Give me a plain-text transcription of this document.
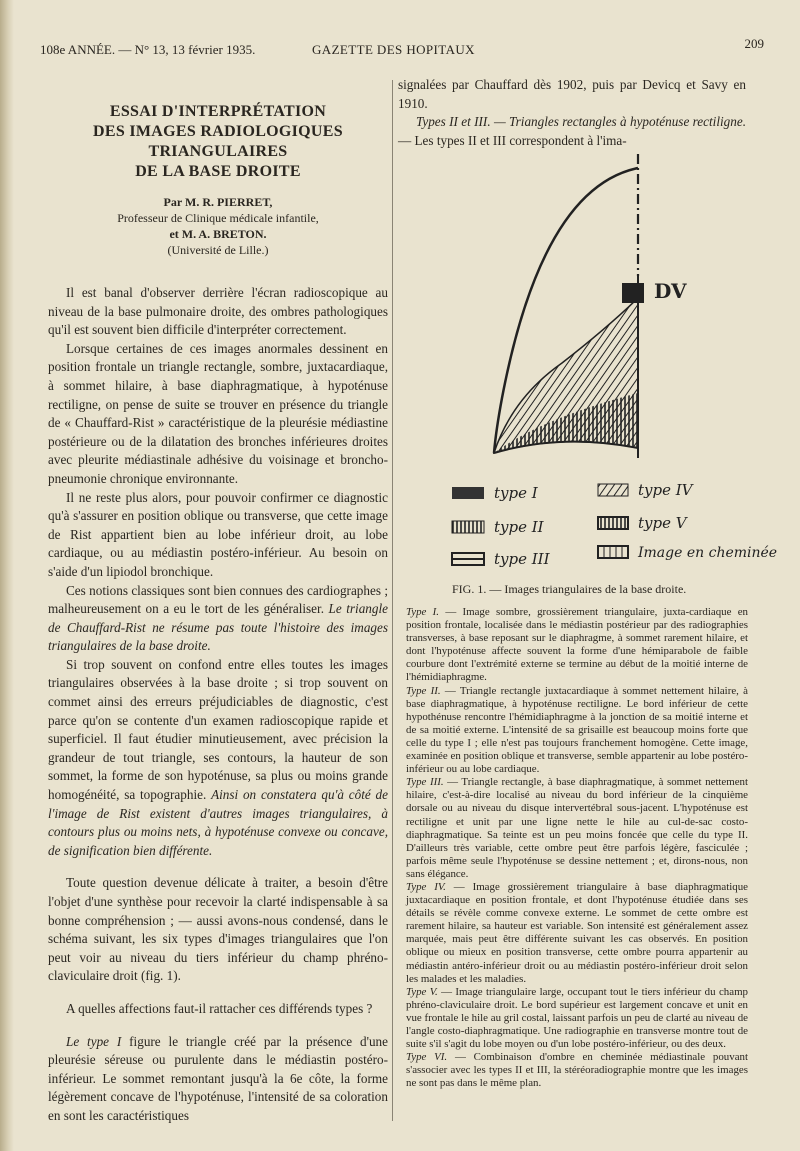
108e ANNÉE. — N° 13, 13 février 1935.	GAZETTE DES HOPITAUX	209
ESSAI D'INTERPRÉTATION
DES IMAGES RADIOLOGIQUES TRIANGULAIRES
DE LA BASE DROITE
Par M. R. PIERRET,
Professeur de Clinique médicale infantile,
et M. A. BRETON.
(Université de Lille.)

Il est banal d'observer derrière l'écran radioscopique au niveau de la base pulmonaire droite, des ombres pathologiques qu'il est souvent bien difficile d'interpréter correctement.

Lorsque certaines de ces images anormales dessinent en position frontale un triangle rectangle, sombre, juxtacardiaque, à sommet hilaire, à base diaphragmatique, à hypoténuse rectiligne, on pense de suite se trouver en présence du triangle de « Chauffard-Rist » caractéristique de la pleurésie médiastine postérieure ou de la dilatation des bronches inférieures droites avec pleurite médiastinale adhésive du voisinage et broncho-pneumonie chronique environnante.

Il ne reste plus alors, pour pouvoir confirmer ce diagnostic qu'à s'assurer en position oblique ou transverse, que cette image de Rist appartient bien au lobe inférieur droit, au lobe cardiaque, ou au médiastin postéro-inférieur. Au besoin on s'aide d'un lipiodol bronchique.

Ces notions classiques sont bien connues des cardiographes ; malheureusement on a eu le tort de les généraliser. Le triangle de Chauffard-Rist ne résume pas toute l'histoire des images triangulaires de la base droite.

Si trop souvent on confond entre elles toutes les images triangulaires observées à la base droite ; si trop souvent on commet ainsi des erreurs préjudiciables de diagnostic, c'est parce qu'on se contente d'un examen radioscopique rapide et superficiel. Il faut étudier minutieusement, avec précision la grandeur de tout triangle, ses contours, la hauteur de son sommet, la forme de son hypoténuse, sa plus ou moins grande homogénéité, sa topographie. Ainsi on constatera qu'à côté de l'image de Rist existent d'autres images triangulaires, à contours plus ou moins nets, à hypoténuse convexe ou concave, de signification bien différente.

Toute question devenue délicate à traiter, a besoin d'être l'objet d'une synthèse pour recevoir la clarté indispensable à sa bonne compréhension ; — aussi avons-nous condensé, dans le schéma suivant, les six types d'images triangulaires que l'on peut voir au niveau du tiers inférieur du champ phréno-claviculaire droit (fig. 1).

A quelles affections faut-il rattacher ces différends types ?

Le type I figure le triangle créé par la présence d'une pleurésie séreuse ou purulente dans le médiastin postéro-inférieur. Le sommet remontant jusqu'à la 6e côte, la forme légèrement concave de l'hypoténuse, l'intensité de sa coloration en sont les caractéristiques

signalées par Chauffard dès 1902, puis par Devicq et Savy en 1910.

Types II et III. — Triangles rectangles à hypoténuse rectiligne. — Les types II et III correspondent à l'ima-

DV
type I
type II
type III
type IV
type V
Image en cheminée
FIG. 1. — Images triangulaires de la base droite.

Type I. — Image sombre, grossièrement triangulaire, juxta-cardiaque en position frontale, localisée dans le médiastin postérieur par des radiographies transverses, à base reposant sur le diaphragme, à sommet rarement hilaire, et dont l'hypoténuse affecte souvent la forme d'une hémiparabole de faible courbure dont l'extrémité externe se termine au début de la moitié interne de l'hémidiaphragme.

Type II. — Triangle rectangle juxtacardiaque à sommet nettement hilaire, à base diaphragmatique, à hypoténuse rectiligne. Le bord inférieur de cette hypothénuse rencontre l'hémidiaphragme à la jonction de sa moitié interne et de sa moitié externe. L'intensité de sa grisaille est beaucoup moins forte que celle du type I ; elle n'est pas toujours franchement homogène. Cette image, examinée en position oblique et transverse, semble appartenir au lobe postéro-inférieur ou au lobe cardiaque.

Type III. — Triangle rectangle, à base diaphragmatique, à sommet nettement hilaire, c'est-à-dire localisé au niveau du bord inférieur de la cinquième dorsale ou au niveau du disque intervertébral sous-jacent. L'hypoténuse est rectiligne et unit par une ligne nette le hile au cul-de-sac costo-diaphragmatique. Sa teinte est un peu moins foncée que celle du type II. D'ailleurs très variable, cette ombre peut être parfois légère, fasciculée ; parfois même seule l'hypoténuse se dessine nettement ; et, dirons-nous, non sans élégance.

Type IV. — Image grossièrement triangulaire à base diaphragmatique juxtacardiaque en position frontale, et dont l'hypoténuse étudiée dans ses détails se révèle comme convexe externe. Le sommet de cette ombre est rarement hilaire, sa hauteur est variable. Son intensité est généralement assez marquée, mais peut être différente suivant les cas observés. En position oblique ou mieux en position transverse, cette ombre pourra appartenir au médiastin antéro-inférieur droit ou au médiastin postéro-inférieur droit selon les malades et les maladies.

Type V. — Image triangulaire large, occupant tout le tiers inférieur du champ phréno-claviculaire droit. Le bord supérieur est largement concave et unit en vue frontale le hile au gril costal, laissant parfois un peu de clarté au niveau de l'angle costo-diaphragmatique. Une radiographie en transverse montre tout de suite s'il s'agit du lobe moyen ou d'un lobe postéro-inférieur, ou des deux.

Type VI. — Combinaison d'ombre en cheminée médiastinale pouvant s'associer avec les types II et III, la stéréoradiographie montre que les images ne sont pas dans le même plan.
